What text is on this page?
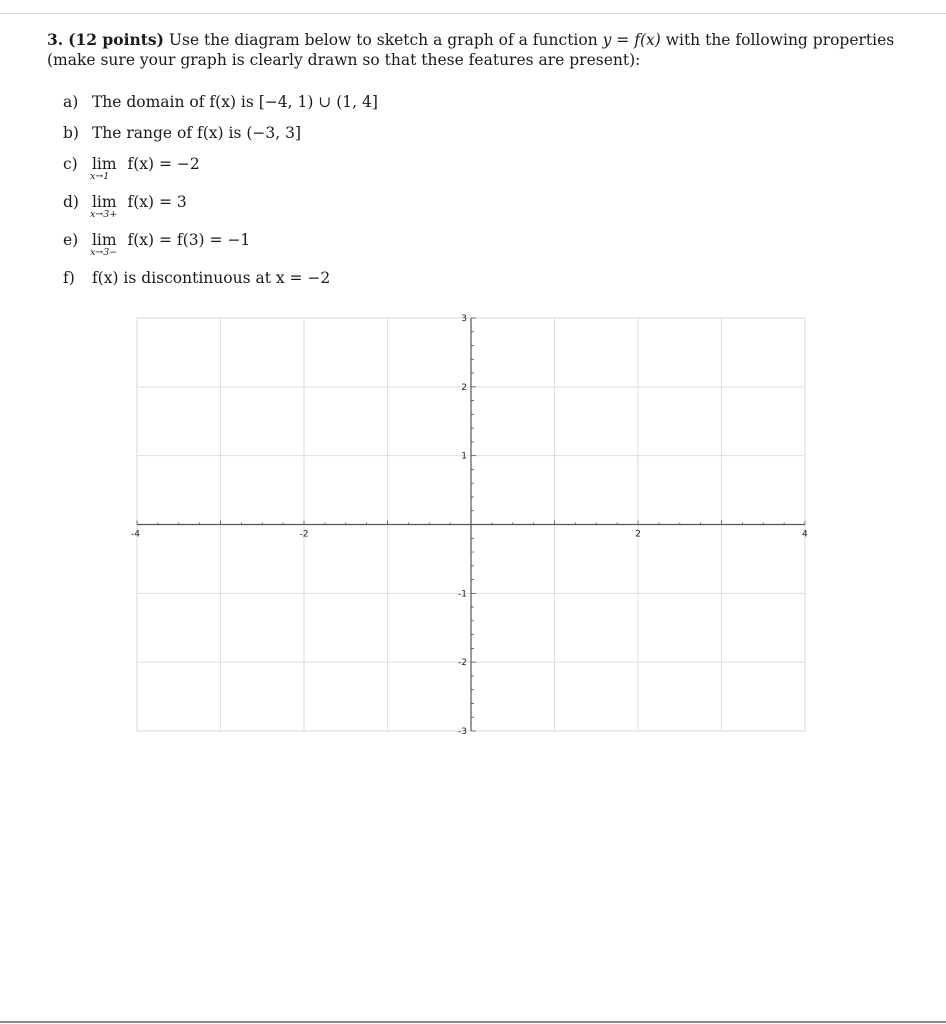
3. (12 points) Use the diagram below to sketch a graph of a function y = f(x) with the following properties (make sure your graph is clearly drawn so that these features are present):
a) The domain of f(x) is [−4, 1) ∪ (1, 4]
b) The range of f(x) is (−3, 3]
c) lim
x→1
f(x) = −2
d) lim
x→3+
f(x) = 3
e) lim
x→3−
f(x) = f(3) = −1
f) f(x) is discontinuous at x = −2
-4	-2	2	4
3
2
1
-1
-2
-3
